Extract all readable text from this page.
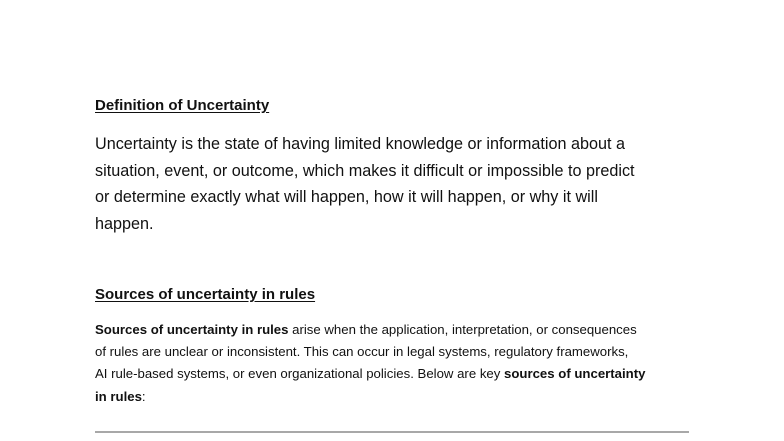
Definition of Uncertainty

Uncertainty is the state of having limited knowledge or information about a
situation, event, or outcome, which makes it difficult or impossible to predict
or determine exactly what will happen, how it will happen, or why it will
happen.

Sources of uncertainty in rules

Sources of uncertainty in rules arise when the application, interpretation, or consequences
of rules are unclear or inconsistent. This can occur in legal systems, regulatory frameworks,
AI rule-based systems, or even organizational policies. Below are key sources of uncertainty
in rules:
